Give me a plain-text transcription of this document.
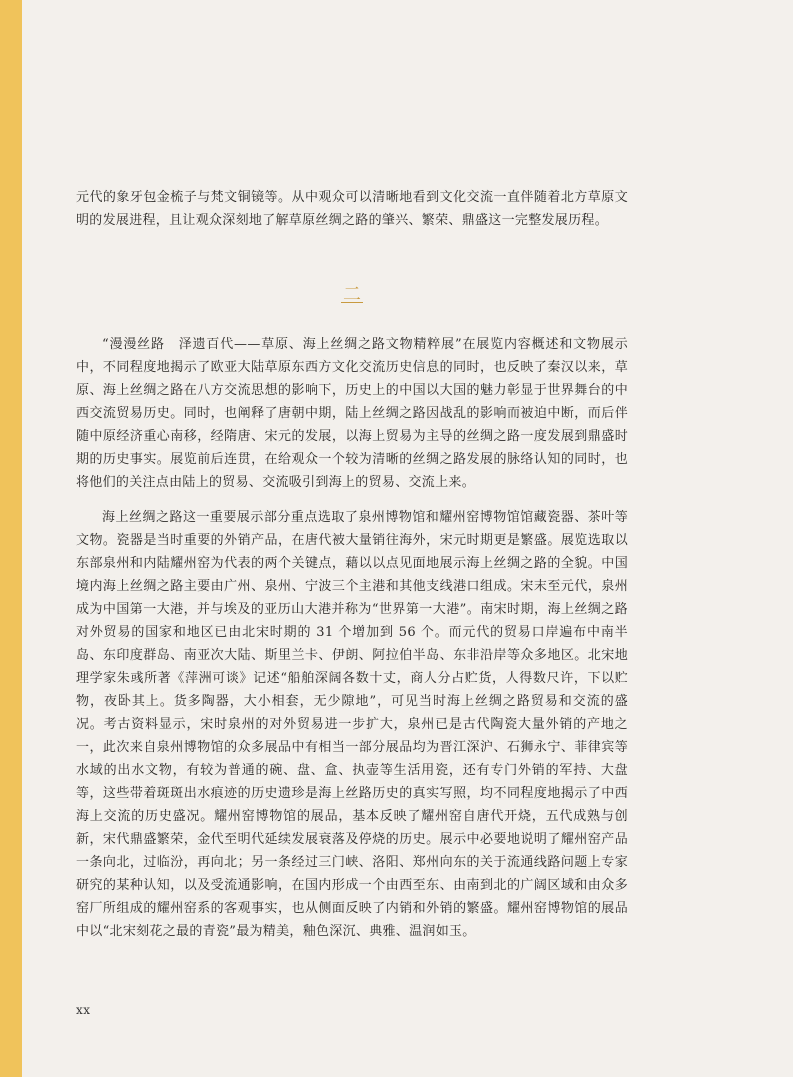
元代的象牙包金梳子与梵文铜镜等。从中观众可以清晰地看到文化交流一直伴随着北方草原文明的发展进程，且让观众深刻地了解草原丝绸之路的肇兴、繁荣、鼎盛这一完整发展历程。

二

“漫漫丝路　泽遗百代——草原、海上丝绸之路文物精粹展”在展览内容概述和文物展示中，不同程度地揭示了欧亚大陆草原东西方文化交流历史信息的同时，也反映了秦汉以来，草原、海上丝绸之路在八方交流思想的影响下，历史上的中国以大国的魅力彰显于世界舞台的中西交流贸易历史。同时，也阐释了唐朝中期，陆上丝绸之路因战乱的影响而被迫中断，而后伴随中原经济重心南移，经隋唐、宋元的发展，以海上贸易为主导的丝绸之路一度发展到鼎盛时期的历史事实。展览前后连贯，在给观众一个较为清晰的丝绸之路发展的脉络认知的同时，也将他们的关注点由陆上的贸易、交流吸引到海上的贸易、交流上来。

海上丝绸之路这一重要展示部分重点选取了泉州博物馆和耀州窑博物馆馆藏瓷器、茶叶等文物。瓷器是当时重要的外销产品，在唐代被大量销往海外，宋元时期更是繁盛。展览选取以东部泉州和内陆耀州窑为代表的两个关键点，藉以以点见面地展示海上丝绸之路的全貌。中国境内海上丝绸之路主要由广州、泉州、宁波三个主港和其他支线港口组成。宋末至元代，泉州成为中国第一大港，并与埃及的亚历山大港并称为“世界第一大港”。南宋时期，海上丝绸之路对外贸易的国家和地区已由北宋时期的 31 个增加到 56 个。而元代的贸易口岸遍布中南半岛、东印度群岛、南亚次大陆、斯里兰卡、伊朗、阿拉伯半岛、东非沿岸等众多地区。北宋地理学家朱彧所著《萍洲可谈》记述“船舶深阔各数十丈，商人分占贮货，人得数尺许，下以贮物，夜卧其上。货多陶器，大小相套，无少隙地”，可见当时海上丝绸之路贸易和交流的盛况。考古资料显示，宋时泉州的对外贸易进一步扩大，泉州已是古代陶瓷大量外销的产地之一，此次来自泉州博物馆的众多展品中有相当一部分展品均为晋江深沪、石狮永宁、菲律宾等水域的出水文物，有较为普通的碗、盘、盒、执壶等生活用瓷，还有专门外销的军持、大盘等，这些带着斑斑出水痕迹的历史遗珍是海上丝路历史的真实写照，均不同程度地揭示了中西海上交流的历史盛况。耀州窑博物馆的展品，基本反映了耀州窑自唐代开烧，五代成熟与创新，宋代鼎盛繁荣，金代至明代延续发展衰落及停烧的历史。展示中必要地说明了耀州窑产品一条向北，过临汾，再向北；另一条经过三门峡、洛阳、郑州向东的关于流通线路问题上专家研究的某种认知，以及受流通影响，在国内形成一个由西至东、由南到北的广阔区域和由众多窑厂所组成的耀州窑系的客观事实，也从侧面反映了内销和外销的繁盛。耀州窑博物馆的展品中以“北宋刻花之最的青瓷”最为精美，釉色深沉、典雅、温润如玉。

xx
